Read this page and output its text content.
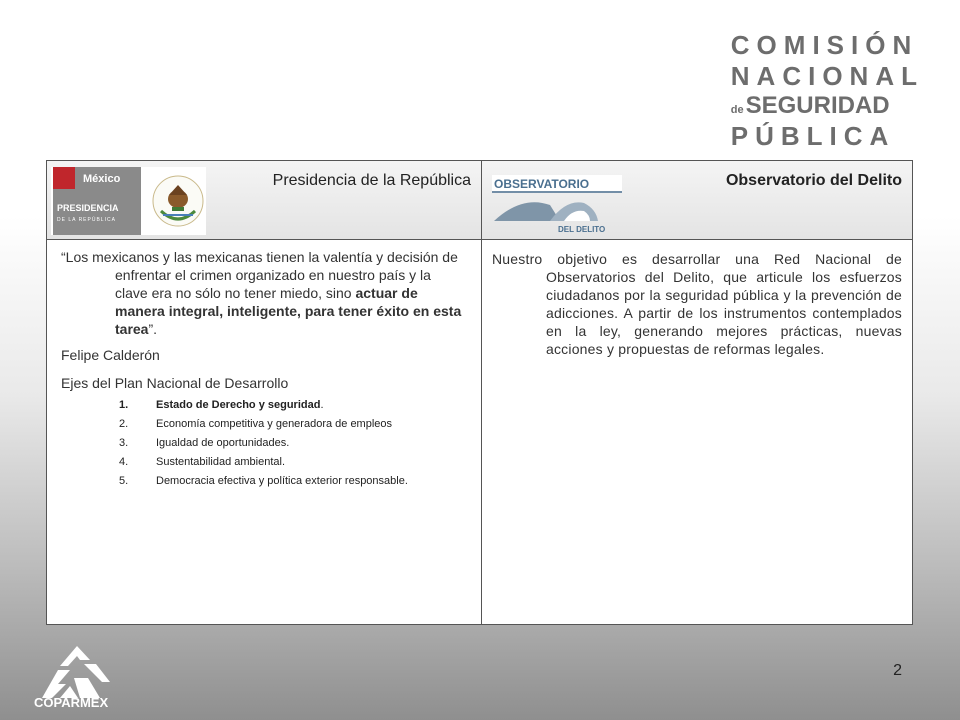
COMISIÓN
NACIONAL
deSEGURIDAD
PÚBLICA
México
PRESIDENCIA
DE LA REPÚBLICA
Presidencia de la República

“Los mexicanos y las mexicanas tienen la valentía y decisión de enfrentar el crimen organizado en nuestro país y la clave era no sólo no tener miedo, sino actuar de manera integral, inteligente, para tener éxito en esta tarea”.

Felipe Calderón

Ejes del Plan Nacional de Desarrollo

1.	Estado de Derecho y seguridad.
2.	Economía competitiva y generadora de empleos
3.	Igualdad de oportunidades.
4.	Sustentabilidad ambiental.
5.	Democracia efectiva y política exterior responsable.
OBSERVATORIO
DEL DELITO
Observatorio del Delito

Nuestro objetivo es desarrollar una Red Nacional de Observatorios del Delito, que articule los esfuerzos ciudadanos por la seguridad pública y la prevención de adicciones. A partir de los instrumentos contemplados en la ley, generando mejores prácticas, nuevas acciones y propuestas de reformas legales.

COPARMEX
2
